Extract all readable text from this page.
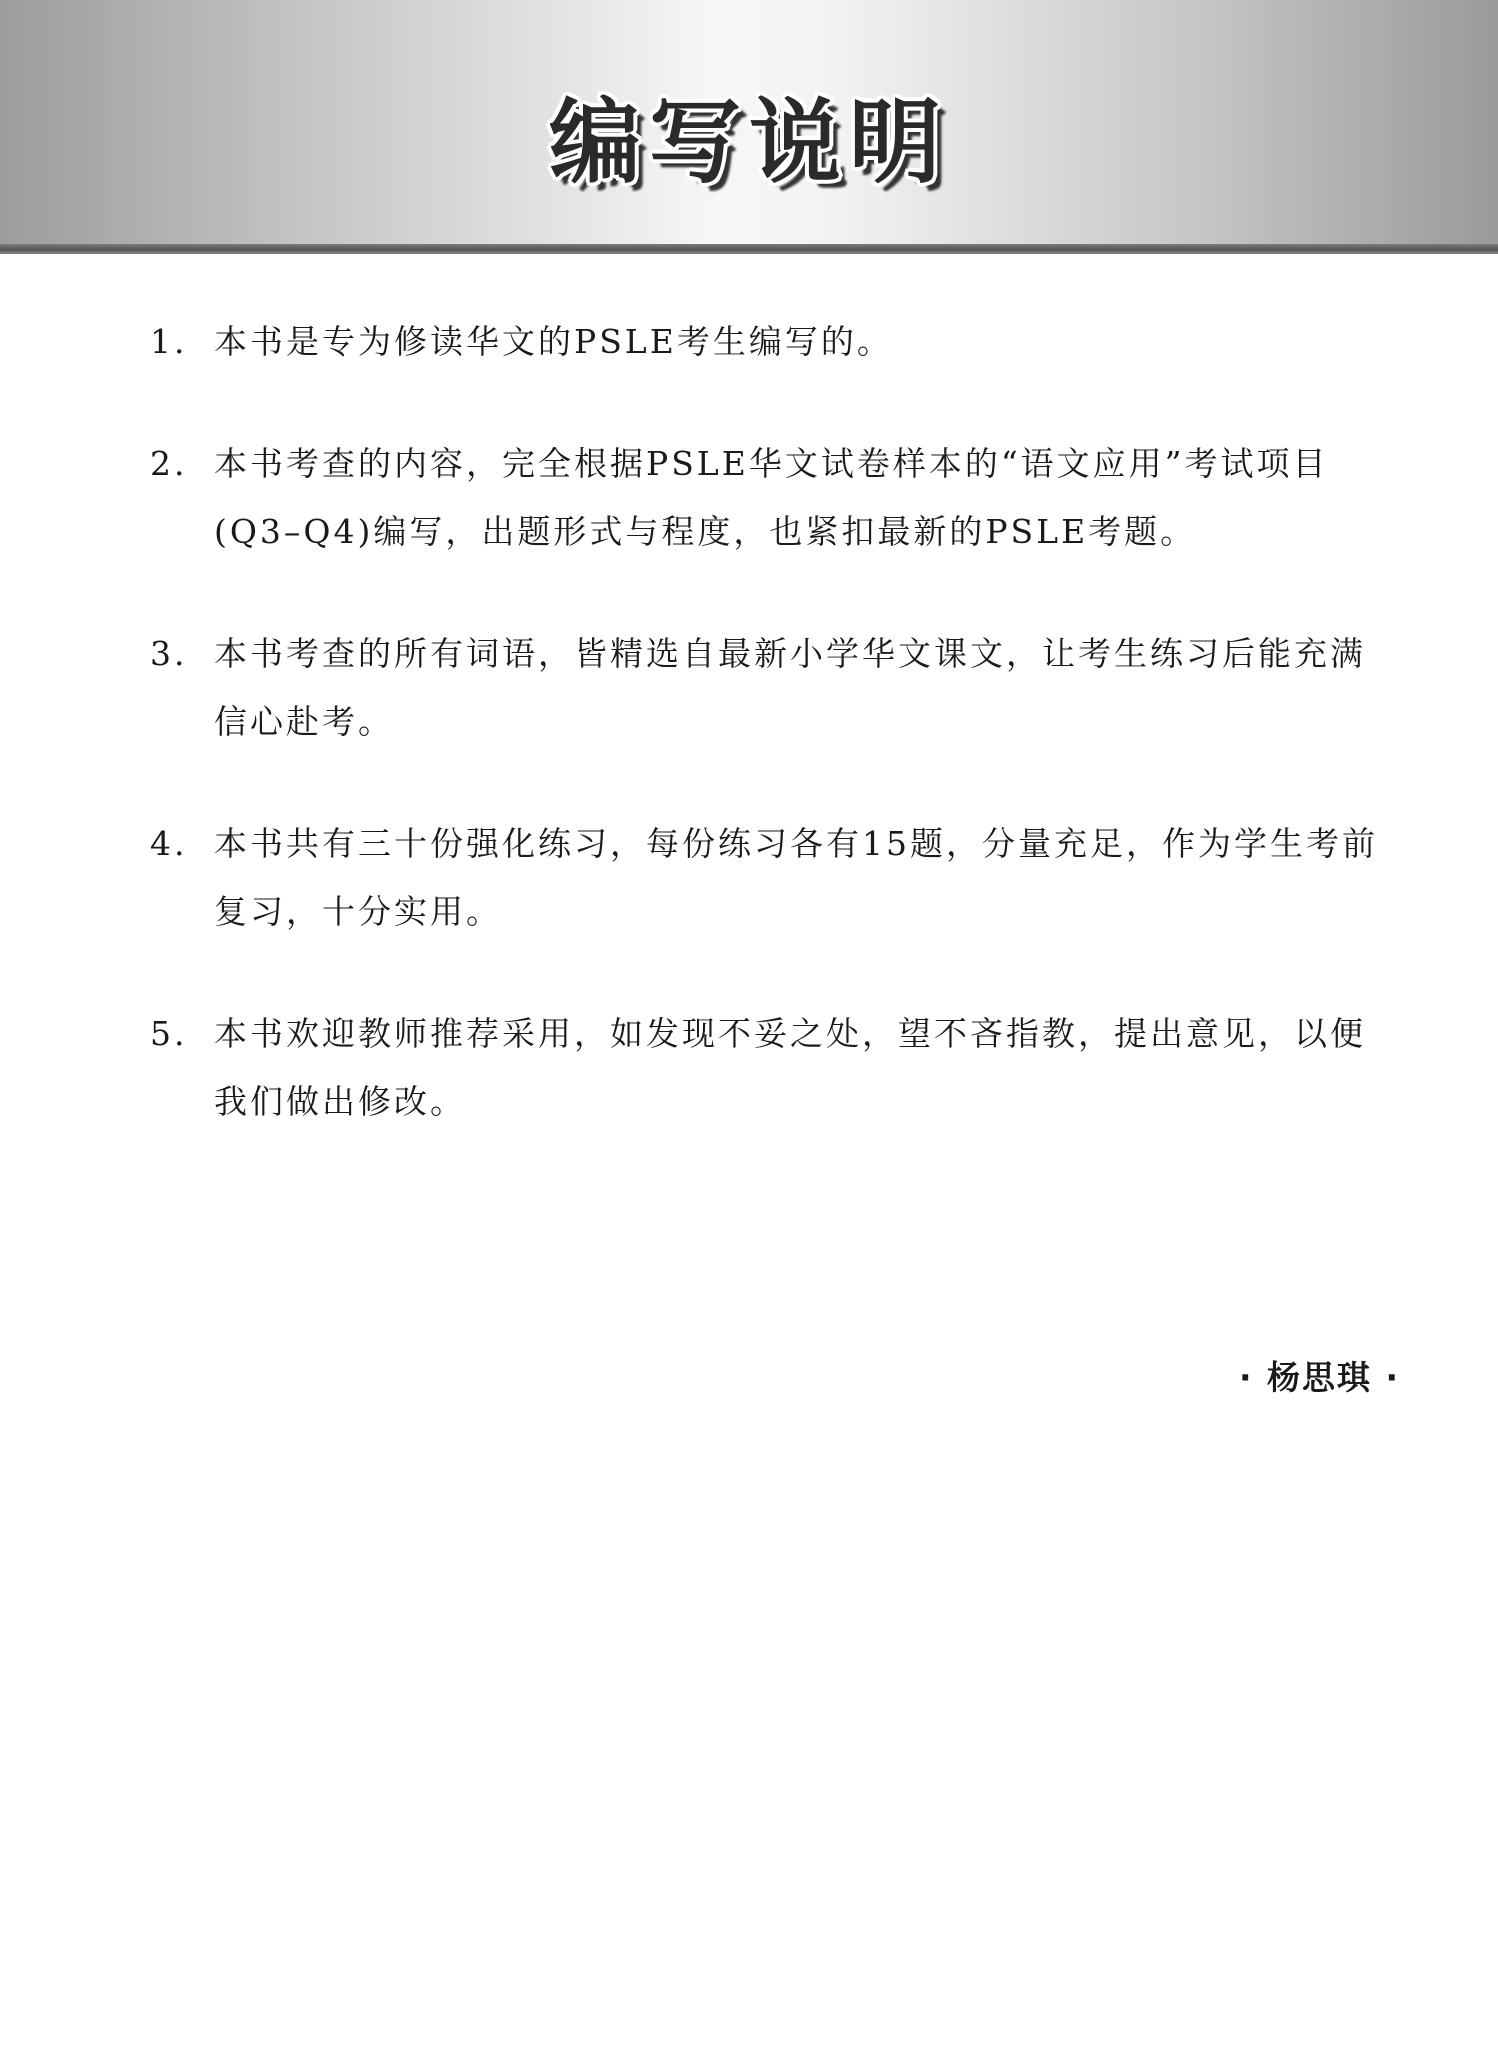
编写说明
1. 本书是专为修读华文的PSLE考生编写的。
2. 本书考查的内容，完全根据PSLE华文试卷样本的“语文应用”考试项目(Q3–Q4)编写，出题形式与程度，也紧扣最新的PSLE考题。
3. 本书考查的所有词语，皆精选自最新小学华文课文，让考生练习后能充满信心赴考。
4. 本书共有三十份强化练习，每份练习各有15题，分量充足，作为学生考前复习，十分实用。
5. 本书欢迎教师推荐采用，如发现不妥之处，望不吝指教，提出意见，以便我们做出修改。
· 杨思琪 ·
